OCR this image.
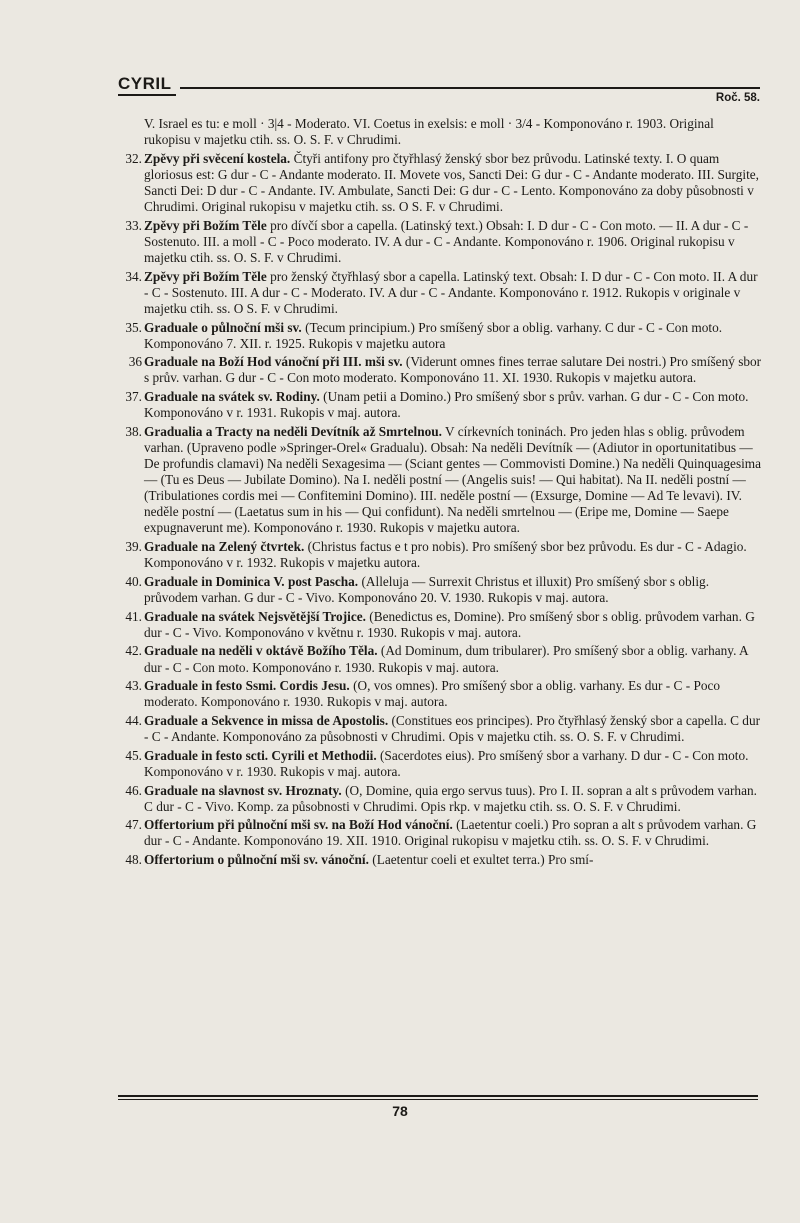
CYRIL
Roč. 58.
V. Israel es tu: e moll · 3|4 - Moderato. VI. Coetus in exelsis: e moll · 3/4 - Komponováno r. 1903. Original rukopisu v majetku ctih. ss. O. S. F. v Chrudimi.
32. Zpěvy při svěcení kostela. Čtyři antifony pro čtyřhlasý ženský sbor bez průvodu. Latinské texty. I. O quam gloriosus est: G dur - C - Andante moderato. II. Movete vos, Sancti Dei: G dur - C - Andante moderato. III. Surgite, Sancti Dei: D dur - C - Andante. IV. Ambulate, Sancti Dei: G dur - C - Lento. Komponováno za doby působnosti v Chrudimi. Original rukopisu v majetku ctih. ss. O S. F. v Chrudimi.
33. Zpěvy při Božím Těle pro dívčí sbor a capella. (Latinský text.) Obsah: I. D dur - C - Con moto. — II. A dur - C - Sostenuto. III. a moll - C - Poco moderato. IV. A dur - C - Andante. Komponováno r. 1906. Original rukopisu v majetku ctih. ss. O. S. F. v Chrudimi.
34. Zpěvy při Božím Těle pro ženský čtyřhlasý sbor a capella. Latinský text. Obsah: I. D dur - C - Con moto. II. A dur - C - Sostenuto. III. A dur - C - Moderato. IV. A dur - C - Andante. Komponováno r. 1912. Rukopis v originale v majetku ctih. ss. O S. F. v Chrudimi.
35. Graduale o půlnoční mši sv. (Tecum principium.) Pro smíšený sbor a oblig. varhany. C dur - C - Con moto. Komponováno 7. XII. r. 1925. Rukopis v majetku autora
36 Graduale na Boží Hod vánoční při III. mši sv. (Viderunt omnes fines terrae salutare Dei nostri.) Pro smíšený sbor s prův. varhan. G dur - C - Con moto moderato. Komponováno 11. XI. 1930. Rukopis v majetku autora.
37. Graduale na svátek sv. Rodiny. (Unam petii a Domino.) Pro smíšený sbor s prův. varhan. G dur - C - Con moto. Komponováno v r. 1931. Rukopis v maj. autora.
38. Gradualia a Tracty na neděli Devítník až Smrtelnou. V církevních toninách. Pro jeden hlas s oblig. průvodem varhan. (Upraveno podle »Springer-Orel« Gradualu). Obsah: Na neděli Devítník — (Adiutor in oportunitatibus — De profundis clamavi) Na neděli Sexagesima — (Sciant gentes — Commovisti Domine.) Na neděli Quinquagesima — (Tu es Deus — Jubilate Domino). Na I. neděli postní — (Angelis suis! — Qui habitat). Na II. neděli postní — (Tribulationes cordis mei — Confitemini Domino). III. neděle postní — (Exsurge, Domine — Ad Te levavi). IV. neděle postní — (Laetatus sum in his — Qui confidunt). Na neděli smrtelnou — (Eripe me, Domine — Saepe expugnaverunt me). Komponováno r. 1930. Rukopis v majetku autora.
39. Graduale na Zelený čtvrtek. (Christus factus e t pro nobis). Pro smíšený sbor bez průvodu. Es dur - C - Adagio. Komponováno v r. 1932. Rukopis v majetku autora.
40. Graduale in Dominica V. post Pascha. (Alleluja — Surrexit Christus et illuxit) Pro smíšený sbor s oblig. průvodem varhan. G dur - C - Vivo. Komponováno 20. V. 1930. Rukopis v maj. autora.
41. Graduale na svátek Nejsvětější Trojice. (Benedictus es, Domine). Pro smíšený sbor s oblig. průvodem varhan. G dur - C - Vivo. Komponováno v květnu r. 1930. Rukopis v maj. autora.
42. Graduale na neděli v oktávě Božího Těla. (Ad Dominum, dum tribularer). Pro smíšený sbor a oblig. varhany. A dur - C - Con moto. Komponováno r. 1930. Rukopis v maj. autora.
43. Graduale in festo Ssmi. Cordis Jesu. (O, vos omnes). Pro smíšený sbor a oblig. varhany. Es dur - C - Poco moderato. Komponováno r. 1930. Rukopis v maj. autora.
44. Graduale a Sekvence in missa de Apostolis. (Constitues eos principes). Pro čtyřhlasý ženský sbor a capella. C dur - C - Andante. Komponováno za působnosti v Chrudimi. Opis v majetku ctih. ss. O. S. F. v Chrudimi.
45. Graduale in festo scti. Cyrili et Methodii. (Sacerdotes eius). Pro smíšený sbor a varhany. D dur - C - Con moto. Komponováno v r. 1930. Rukopis v maj. autora.
46. Graduale na slavnost sv. Hroznaty. (O, Domine, quia ergo servus tuus). Pro I. II. sopran a alt s průvodem varhan. C dur - C - Vivo. Komp. za působnosti v Chrudimi. Opis rkp. v majetku ctih. ss. O. S. F. v Chrudimi.
47. Offertorium při půlnoční mši sv. na Boží Hod vánoční. (Laetentur coeli.) Pro sopran a alt s průvodem varhan. G dur - C - Andante. Komponováno 19. XII. 1910. Original rukopisu v majetku ctih. ss. O. S. F. v Chrudimi.
48. Offertorium o půlnoční mši sv. vánoční. (Laetentur coeli et exultet terra.) Pro smí-
78
